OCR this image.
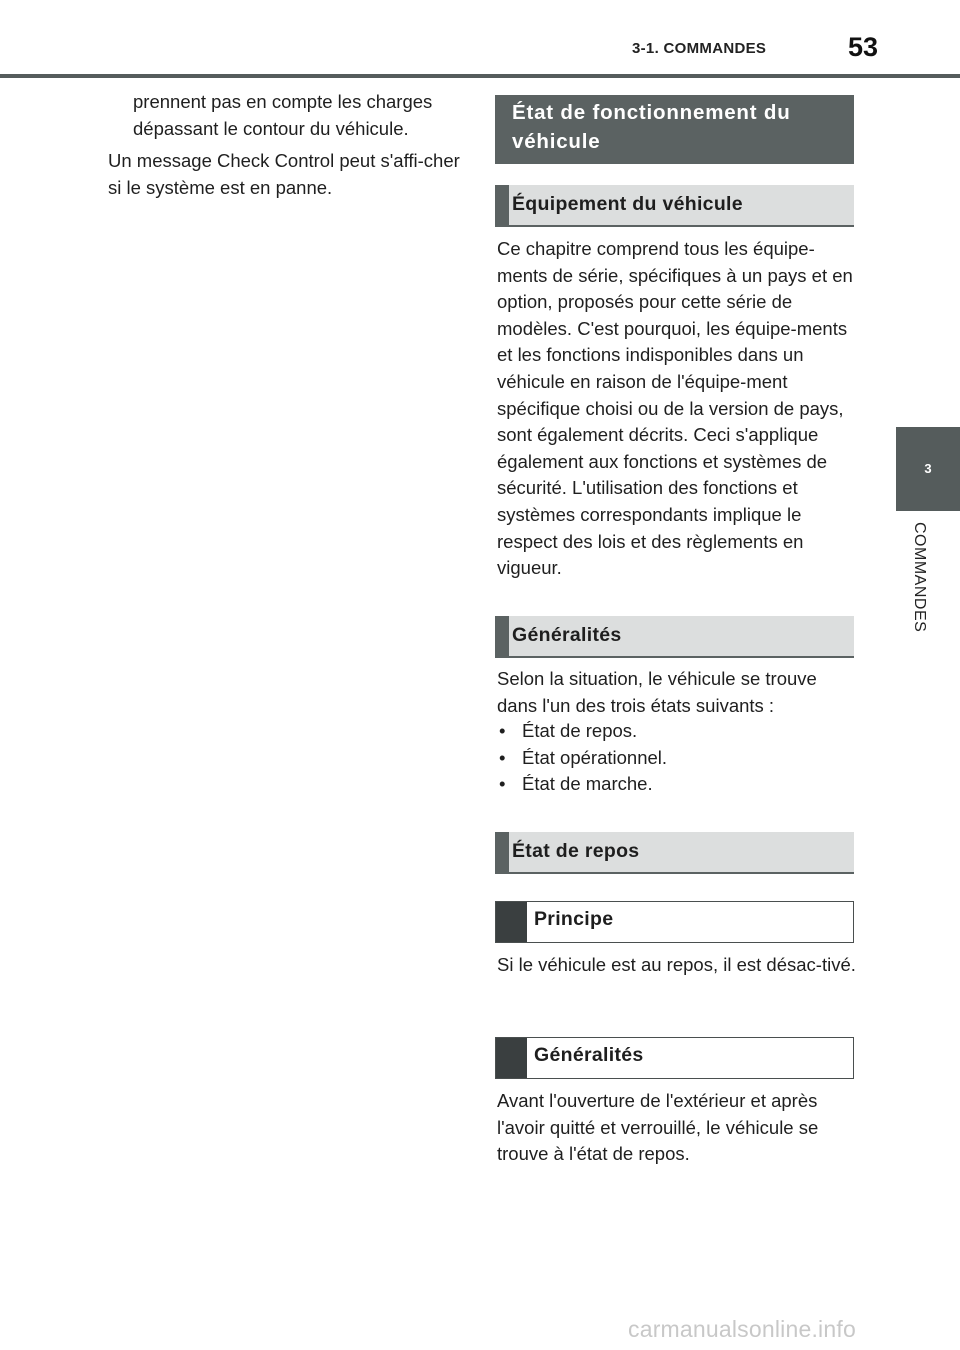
3-1. COMMANDES	53
3
COMMANDES

prennent pas en compte les charges dépassant le contour du véhicule.

Un message Check Control peut s'affi-cher si le système est en panne.

État de fonctionnement du véhicule
Équipement du véhicule

Ce chapitre comprend tous les équipe-ments de série, spécifiques à un pays et en option, proposés pour cette série de modèles. C'est pourquoi, les équipe-ments et les fonctions indisponibles dans un véhicule en raison de l'équipe-ment spécifique choisi ou de la version de pays, sont également décrits. Ceci s'applique également aux fonctions et systèmes de sécurité. L'utilisation des fonctions et systèmes correspondants implique le respect des lois et des règlements en vigueur.

Généralités

Selon la situation, le véhicule se trouve dans l'un des trois états suivants :

• État de repos.
• État opérationnel.
• État de marche.
État de repos
Principe

Si le véhicule est au repos, il est désac-tivé.

Généralités

Avant l'ouverture de l'extérieur et après l'avoir quitté et verrouillé, le véhicule se trouve à l'état de repos.

carmanualsonline.info
